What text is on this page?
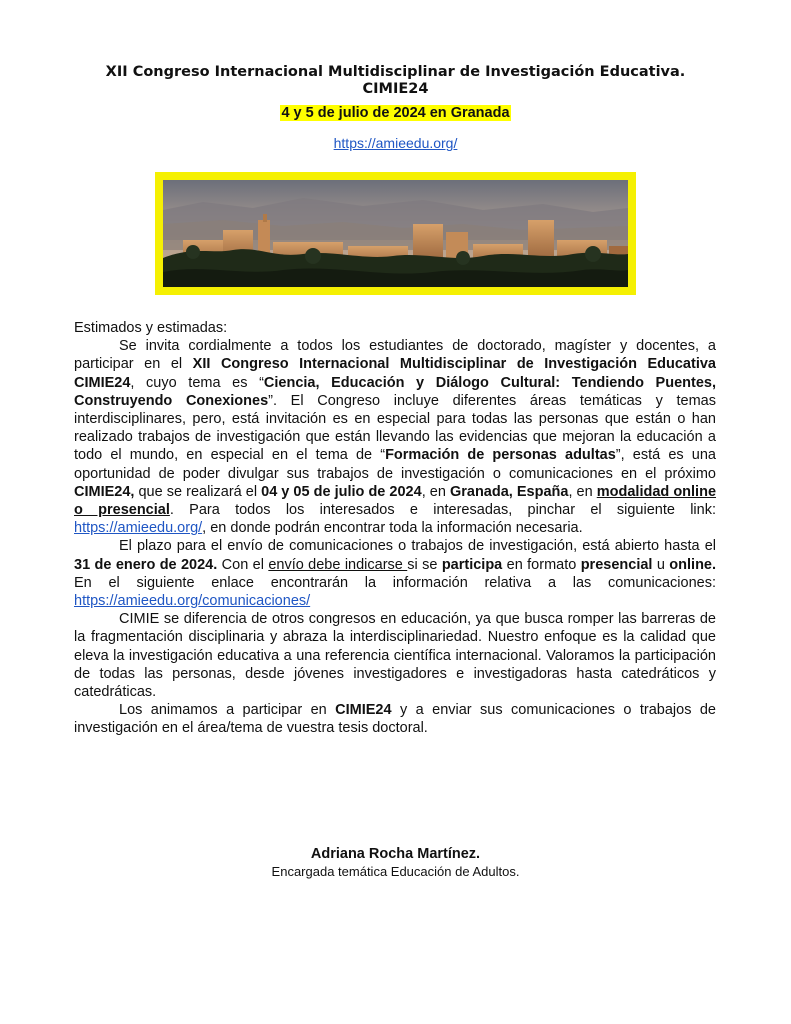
XII Congreso Internacional Multidisciplinar de Investigación Educativa.
CIMIE24
4 y 5 de julio de 2024 en Granada
https://amieedu.org/

Estimados y estimadas:

Se invita cordialmente a todos los estudiantes de doctorado, magíster y docentes, a participar en el XII Congreso Internacional Multidisciplinar de Investigación Educativa CIMIE24, cuyo tema es “Ciencia, Educación y Diálogo Cultural: Tendiendo Puentes, Construyendo Conexiones”. El Congreso incluye diferentes áreas temáticas y temas interdisciplinares, pero, está invitación es en especial para todas las personas que están o han realizado trabajos de investigación que están llevando las evidencias que mejoran la educación a todo el mundo, en especial en el tema de “Formación de personas adultas”, está es una oportunidad de poder divulgar sus trabajos de investigación o comunicaciones en el próximo CIMIE24, que se realizará el 04 y 05 de julio de 2024, en Granada, España, en modalidad online o presencial. Para todos los interesados e interesadas, pinchar el siguiente link: https://amieedu.org/, en donde podrán encontrar toda la información necesaria.

El plazo para el envío de comunicaciones o trabajos de investigación, está abierto hasta el 31 de enero de 2024. Con el envío debe indicarse si se participa en formato presencial u online. En el siguiente enlace encontrarán la información relativa a las comunicaciones: https://amieedu.org/comunicaciones/

CIMIE se diferencia de otros congresos en educación, ya que busca romper las barreras de la fragmentación disciplinaria y abraza la interdisciplinariedad. Nuestro enfoque es la calidad que eleva la investigación educativa a una referencia científica internacional. Valoramos la participación de todas las personas, desde jóvenes investigadores e investigadoras hasta catedráticos y catedráticas.

Los animamos a participar en CIMIE24 y a enviar sus comunicaciones o trabajos de investigación en el área/tema de vuestra tesis doctoral.

Adriana Rocha Martínez.
Encargada temática Educación de Adultos.
